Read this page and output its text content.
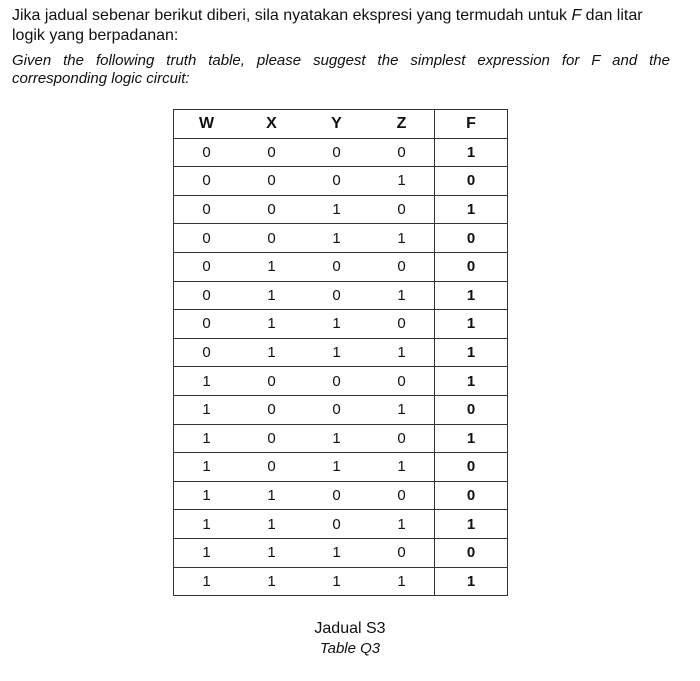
Jika jadual sebenar berikut diberi, sila nyatakan ekspresi yang termudah untuk F dan litar logik yang berpadanan:
Given the following truth table, please suggest the simplest expression for F and the
corresponding logic circuit:
W	X	Y	Z	F
0	0	0	0	1
0	0	0	1	0
0	0	1	0	1
0	0	1	1	0
0	1	0	0	0
0	1	0	1	1
0	1	1	0	1
0	1	1	1	1
1	0	0	0	1
1	0	0	1	0
1	0	1	0	1
1	0	1	1	0
1	1	0	0	0
1	1	0	1	1
1	1	1	0	0
1	1	1	1	1
Jadual S3
Table Q3
